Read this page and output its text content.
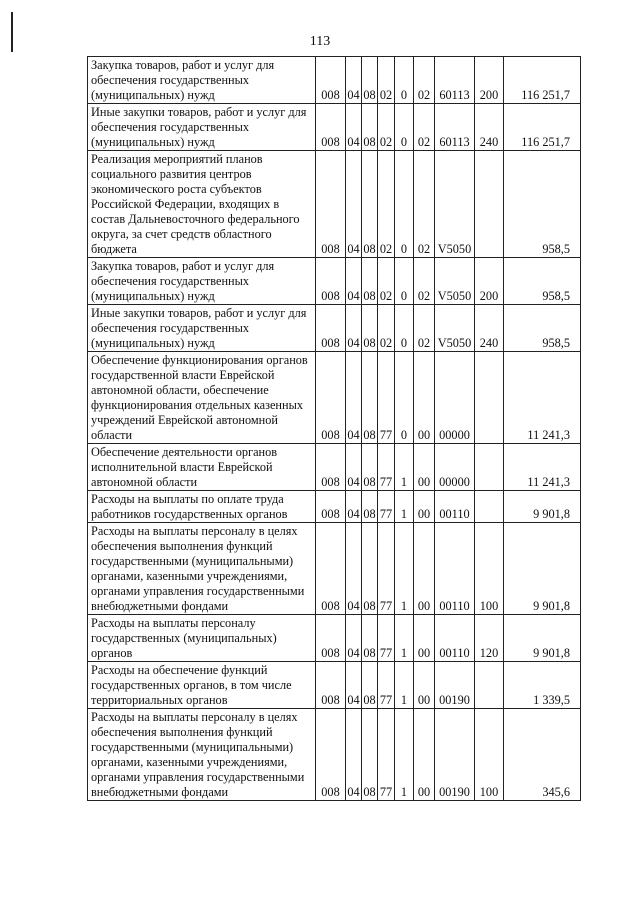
113
Закупка товаров, работ и услуг для обеспечения государственных (муниципальных) нужд	008	04	08	02	0	02	60113	200	116 251,7
Иные закупки товаров, работ и услуг для обеспечения государственных (муниципальных) нужд	008	04	08	02	0	02	60113	240	116 251,7
Реализация мероприятий планов социального развития центров экономического роста субъектов Российской Федерации, входящих в состав Дальневосточного федерального округа, за счет средств областного бюджета	008	04	08	02	0	02	V5050		958,5
Закупка товаров, работ и услуг для обеспечения государственных (муниципальных) нужд	008	04	08	02	0	02	V5050	200	958,5
Иные закупки товаров, работ и услуг для обеспечения государственных (муниципальных) нужд	008	04	08	02	0	02	V5050	240	958,5
Обеспечение функционирования органов государственной власти Еврейской автономной области, обеспечение функционирования отдельных казенных учреждений Еврейской автономной области	008	04	08	77	0	00	00000		11 241,3
Обеспечение деятельности органов исполнительной власти Еврейской автономной области	008	04	08	77	1	00	00000		11 241,3
Расходы на выплаты по оплате труда работников государственных органов	008	04	08	77	1	00	00110		9 901,8
Расходы на выплаты персоналу в целях обеспечения выполнения функций государственными (муниципальными) органами, казенными учреждениями, органами управления государственными внебюджетными фондами	008	04	08	77	1	00	00110	100	9 901,8
Расходы на выплаты персоналу государственных (муниципальных) органов	008	04	08	77	1	00	00110	120	9 901,8
Расходы на обеспечение функций государственных органов, в том числе территориальных органов	008	04	08	77	1	00	00190		1 339,5
Расходы на выплаты персоналу в целях обеспечения выполнения функций государственными (муниципальными) органами, казенными учреждениями, органами управления государственными внебюджетными фондами	008	04	08	77	1	00	00190	100	345,6
